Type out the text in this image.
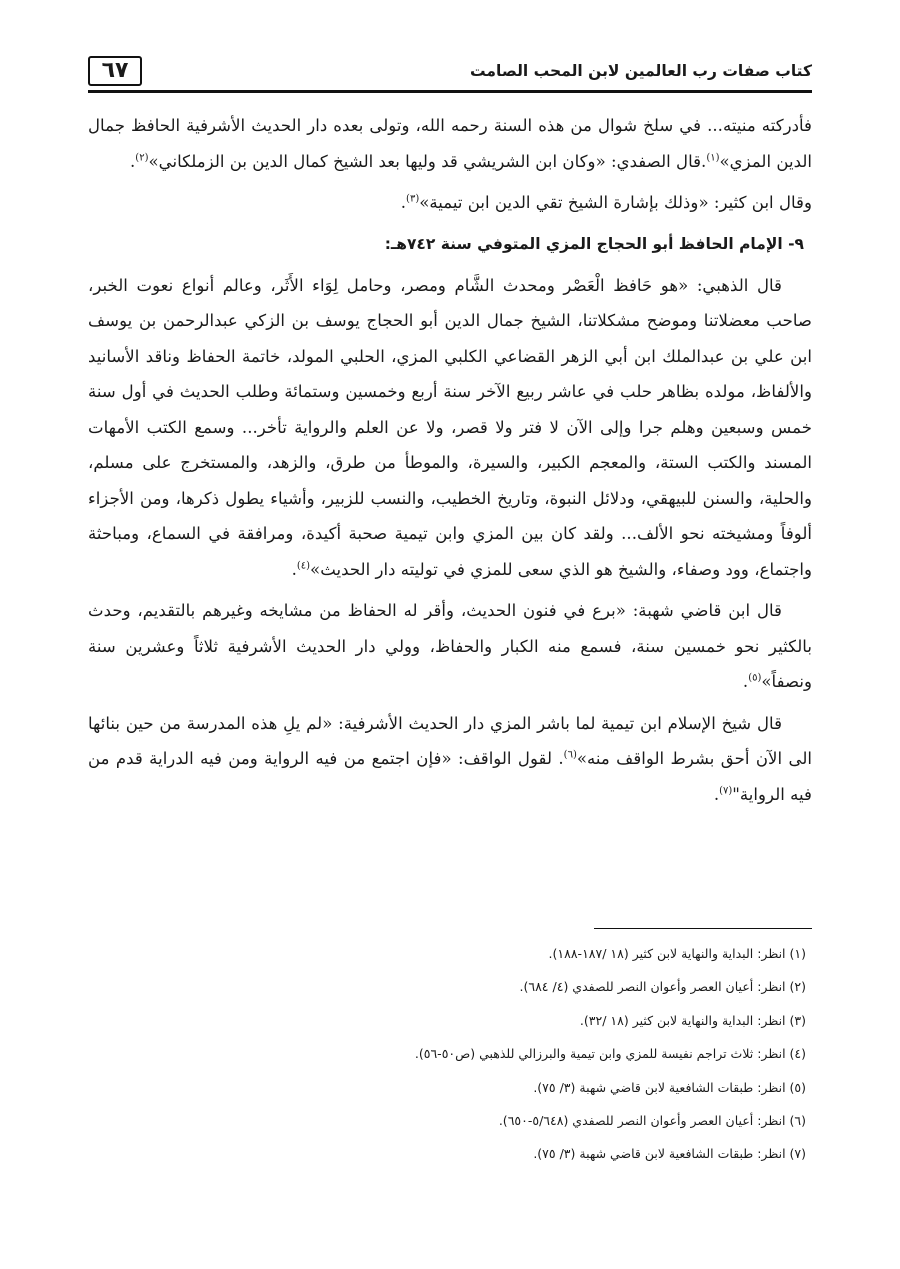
٦٧	كتاب صفات رب العالمين لابن المحب الصامت

فأدركته منيته... في سلخ شوال من هذه السنة رحمه الله، وتولى بعده دار الحديث الأشرفية الحافظ جمال الدين المزي»$^{(١)}$.قال الصفدي: «وكان ابن الشريشي قد وليها بعد الشيخ كمال الدين بن الزملكاني»$^{(٢)}$.

وقال ابن كثير: «وذلك بإشارة الشيخ تقي الدين ابن تيمية»$^{(٣)}$.

٩- الإمام الحافظ أبو الحجاج المزي المتوفي سنة ٧٤٢هـ:

قال الذهبي: «هو حَافظ الْعَصْر ومحدث الشَّام ومصر، وحامل لِوَاء الأَثَر، وعالم أنواع نعوت الخبر، صاحب معضلاتنا وموضح مشكلاتنا، الشيخ جمال الدين أبو الحجاج يوسف بن الزكي عبدالرحمن بن يوسف ابن علي بن عبدالملك ابن أبي الزهر القضاعي الكلبي المزي، الحلبي المولد، خاتمة الحفاظ وناقد الأسانيد والألفاظ، مولده بظاهر حلب في عاشر ربيع الآخر سنة أربع وخمسين وستمائة وطلب الحديث في أول سنة خمس وسبعين وهلم جرا وإلى الآن لا فتر ولا قصر، ولا عن العلم والرواية تأخر... وسمع الكتب الأمهات المسند والكتب الستة، والمعجم الكبير، والسيرة، والموطأ من طرق، والزهد، والمستخرج على مسلم، والحلية، والسنن للبيهقي، ودلائل النبوة، وتاريخ الخطيب، والنسب للزبير، وأشياء يطول ذكرها، ومن الأجزاء ألوفاً ومشيخته نحو الألف... ولقد كان بين المزي وابن تيمية صحبة أكيدة، ومرافقة في السماع، ومباحثة واجتماع، وود وصفاء، والشيخ هو الذي سعى للمزي في توليته دار الحديث»$^{(٤)}$.

قال ابن قاضي شهبة: «برع في فنون الحديث، وأقر له الحفاظ من مشايخه وغيرهم بالتقديم، وحدث بالكثير نحو خمسين سنة، فسمع منه الكبار والحفاظ، وولي دار الحديث الأشرفية ثلاثاً وعشرين سنة ونصفاً»$^{(٥)}$.

قال شيخ الإسلام ابن تيمية لما باشر المزي دار الحديث الأشرفية: «لم يلِ هذه المدرسة من حين بنائها الى الآن أحق بشرط الواقف منه»$^{(٦)}$. لقول الواقف: «فإن اجتمع من فيه الرواية ومن فيه الدراية قدم من فيه الرواية"$^{(٧)}$.

(١) انظر: البداية والنهاية لابن كثير (١٨ /١٨٧-١٨٨).
(٢) انظر: أعيان العصر وأعوان النصر للصفدي (٤/ ٦٨٤).
(٣) انظر: البداية والنهاية لابن كثير (١٨ /٣٢).
(٤) انظر: ثلاث تراجم نفيسة للمزي وابن تيمية والبرزالي للذهبي (ص٥٠-٥٦).
(٥) انظر: طبقات الشافعية لابن قاضي شهبة (٣/ ٧٥).
(٦) انظر: أعيان العصر وأعوان النصر للصفدي (٥/٦٤٨-٦٥٠).
(٧) انظر: طبقات الشافعية لابن قاضي شهبة (٣/ ٧٥).
